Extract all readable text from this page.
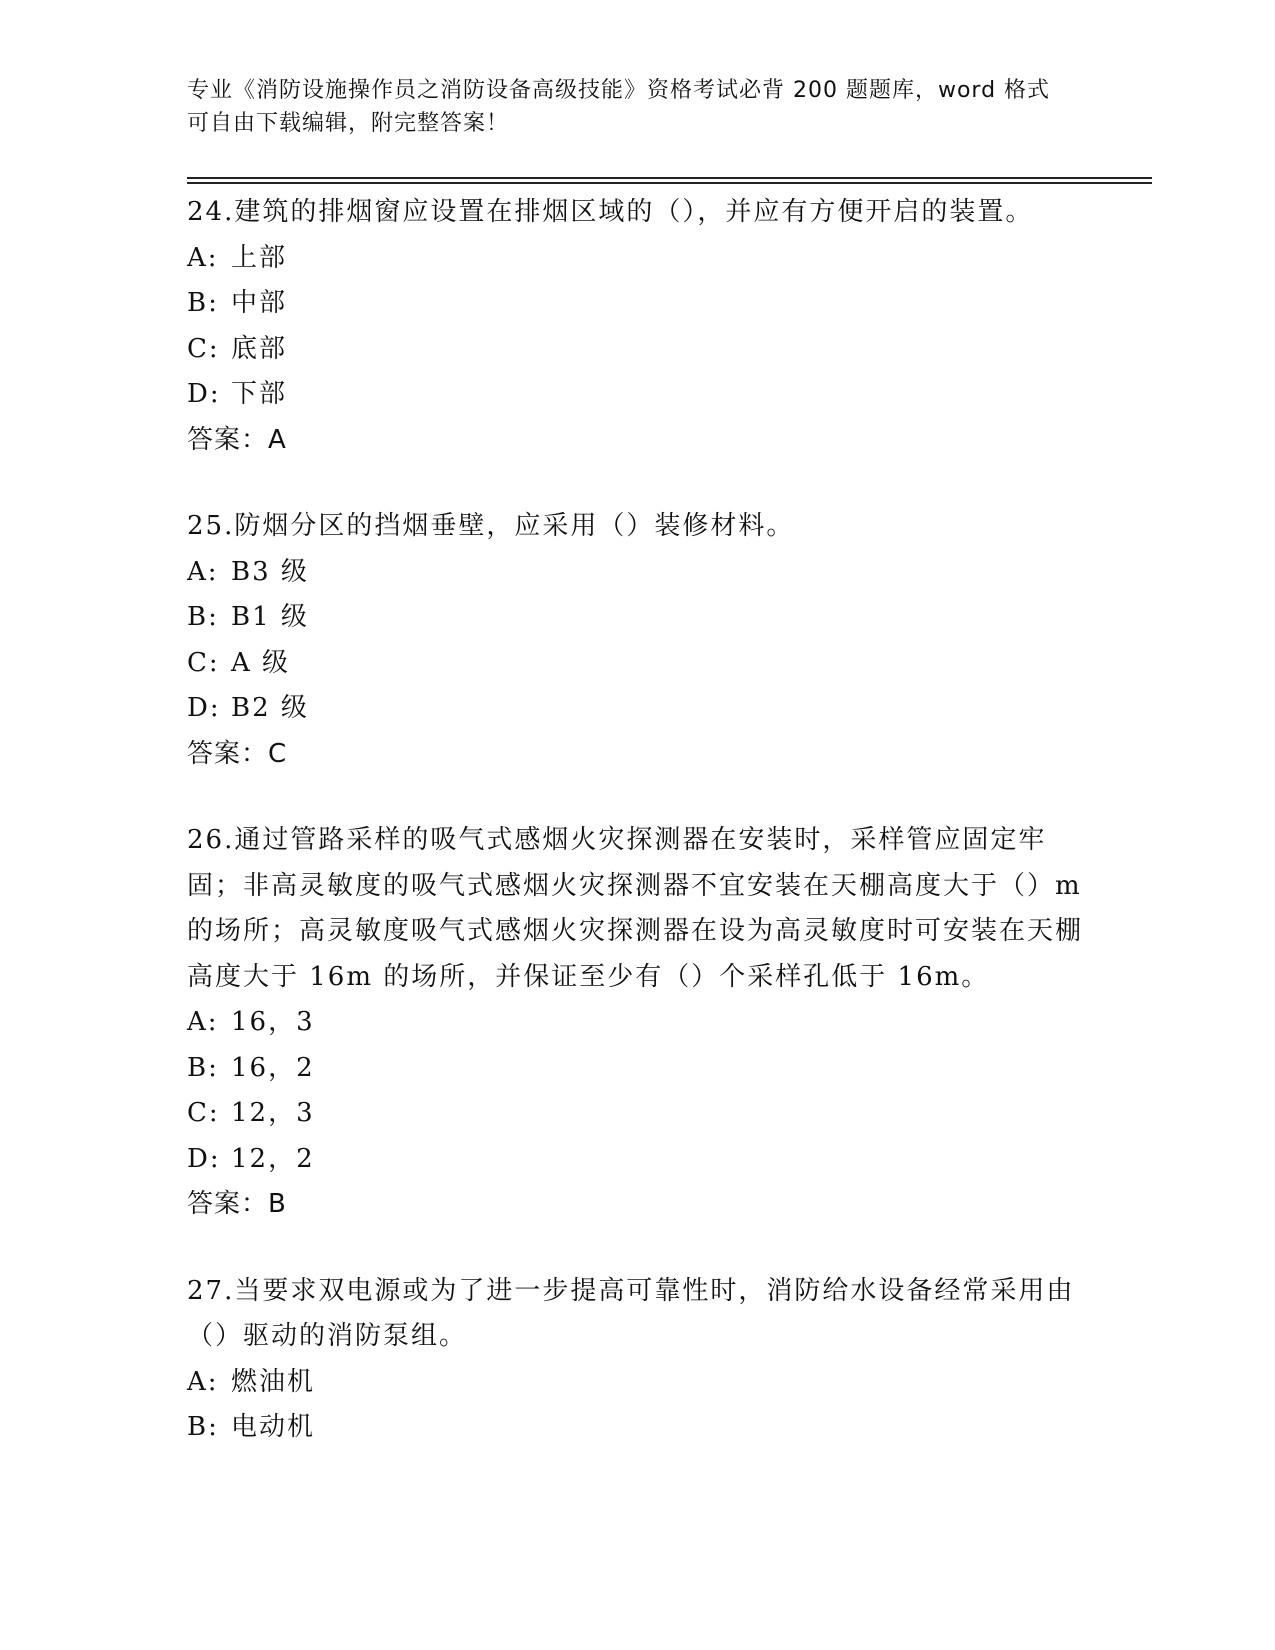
专业《消防设施操作员之消防设备高级技能》资格考试必背 200 题题库，word 格式可自由下载编辑，附完整答案！

24.建筑的排烟窗应设置在排烟区域的（），并应有方便开启的装置。

A: 上部

B: 中部

C: 底部

D: 下部

答案：A

25.防烟分区的挡烟垂壁，应采用（）装修材料。

A: B3 级

B: B1 级

C: A 级

D: B2 级

答案：C

26.通过管路采样的吸气式感烟火灾探测器在安装时，采样管应固定牢固；非高灵敏度的吸气式感烟火灾探测器不宜安装在天棚高度大于（）m 的场所；高灵敏度吸气式感烟火灾探测器在设为高灵敏度时可安装在天棚高度大于 16m 的场所，并保证至少有（）个采样孔低于 16m。

A: 16，3

B: 16，2

C: 12，3

D: 12，2

答案：B

27.当要求双电源或为了进一步提高可靠性时，消防给水设备经常采用由（）驱动的消防泵组。

A: 燃油机

B: 电动机
